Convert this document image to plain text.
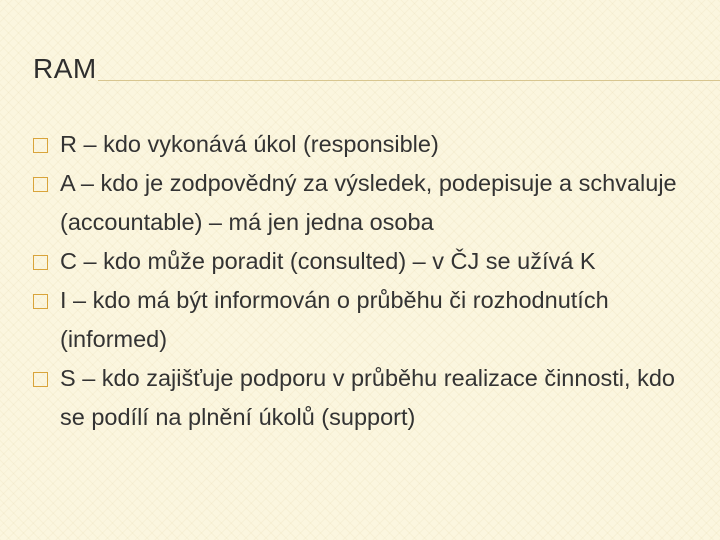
RAM
R – kdo vykonává úkol (responsible)
A – kdo je zodpovědný za výsledek, podepisuje a schvaluje (accountable) – má jen jedna osoba
C – kdo může poradit (consulted) – v ČJ se užívá K
I – kdo má být informován o průběhu či rozhodnutích (informed)
S – kdo zajišťuje podporu v průběhu realizace činnosti, kdo se podílí na plnění úkolů (support)
